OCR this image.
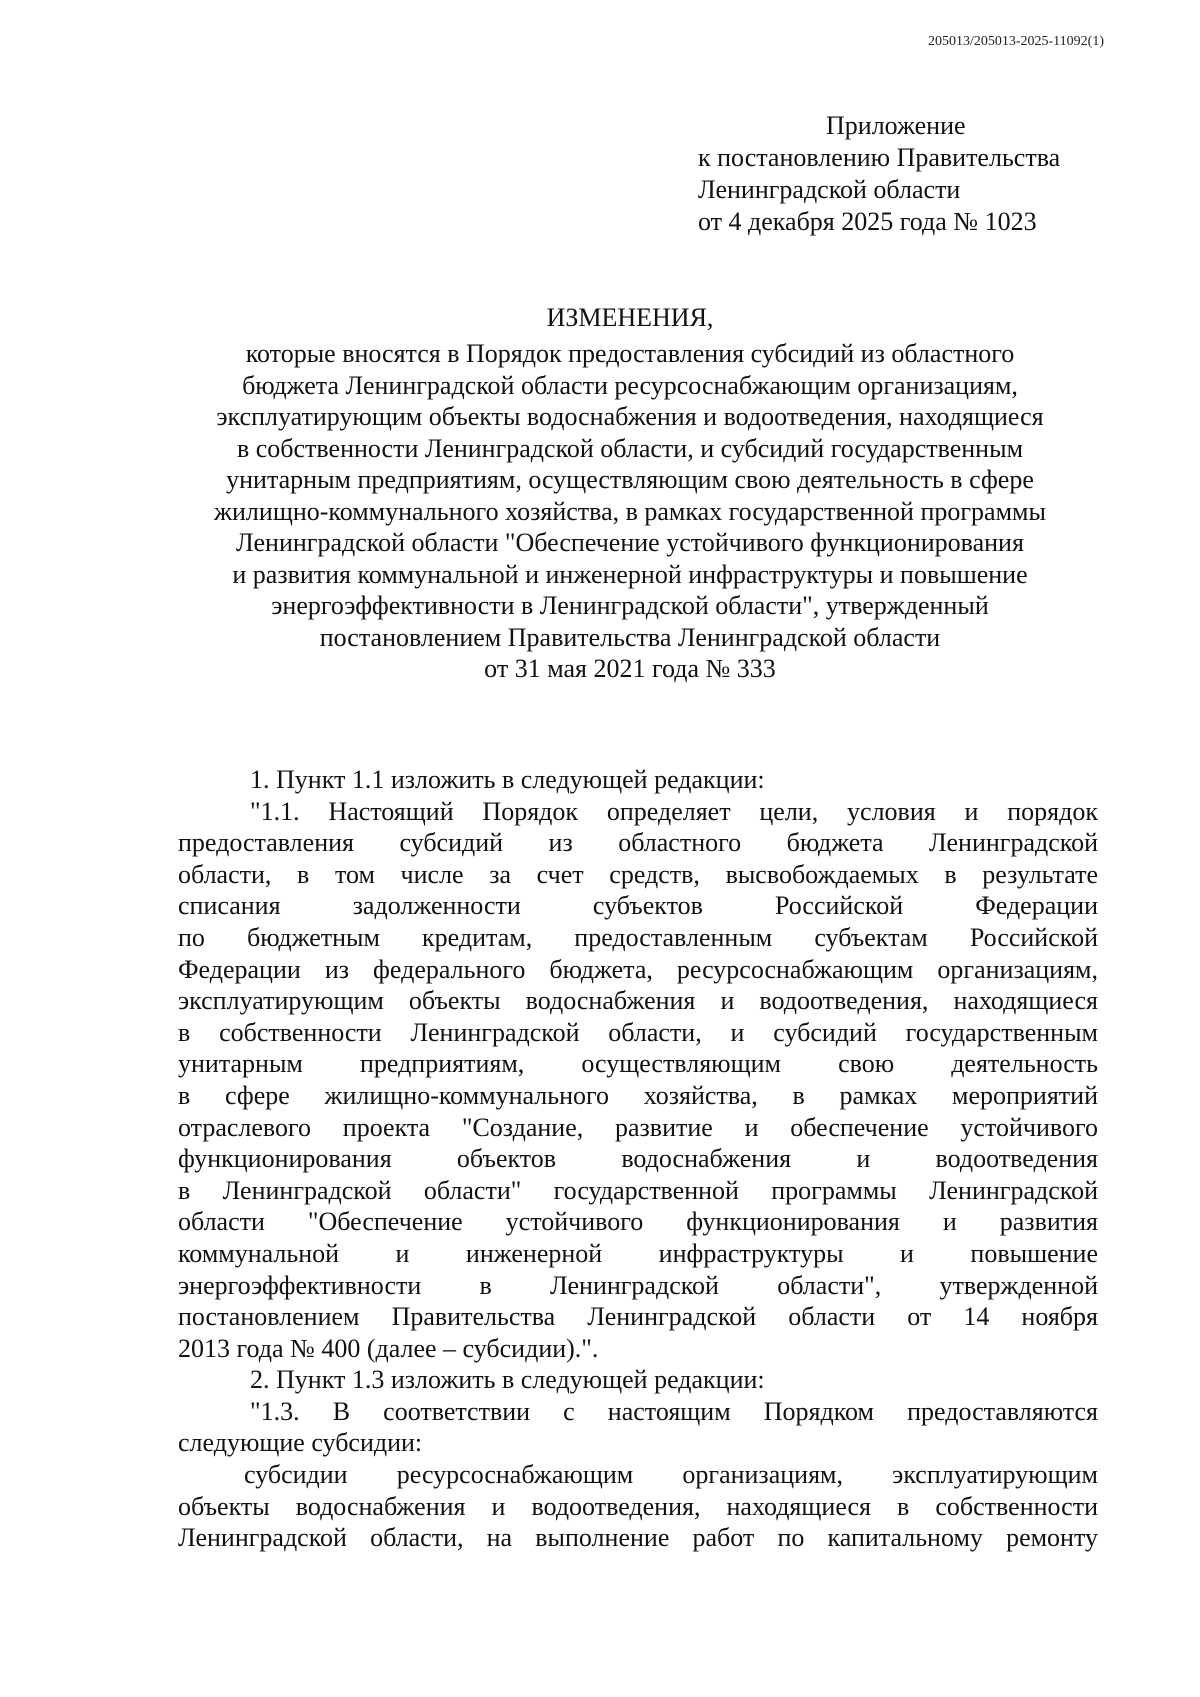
205013/205013-2025-11092(1)
Приложение
к постановлению Правительства
Ленинградской области
от 4 декабря 2025 года № 1023
ИЗМЕНЕНИЯ,
которые вносятся в Порядок предоставления субсидий из областного
бюджета Ленинградской области ресурсоснабжающим организациям,
эксплуатирующим объекты водоснабжения и водоотведения, находящиеся
в собственности Ленинградской области, и субсидий государственным
унитарным предприятиям, осуществляющим свою деятельность в сфере
жилищно-коммунального хозяйства, в рамках государственной программы
Ленинградской области "Обеспечение устойчивого функционирования
и развития коммунальной и инженерной инфраструктуры и повышение
энергоэффективности в Ленинградской области", утвержденный
постановлением Правительства Ленинградской области
от 31 мая 2021 года № 333
1. Пункт 1.1 изложить в следующей редакции:
"1.1. Настоящий Порядок определяет цели, условия и порядок
предоставления субсидий из областного бюджета Ленинградской
области, в том числе за счет средств, высвобождаемых в результате
списания задолженности субъектов Российской Федерации
по бюджетным кредитам, предоставленным субъектам Российской
Федерации из федерального бюджета, ресурсоснабжающим организациям,
эксплуатирующим объекты водоснабжения и водоотведения, находящиеся
в собственности Ленинградской области, и субсидий государственным
унитарным предприятиям, осуществляющим свою деятельность
в сфере жилищно-коммунального хозяйства, в рамках мероприятий
отраслевого проекта "Создание, развитие и обеспечение устойчивого
функционирования объектов водоснабжения и водоотведения
в Ленинградской области" государственной программы Ленинградской
области "Обеспечение устойчивого функционирования и развития
коммунальной и инженерной инфраструктуры и повышение
энергоэффективности в Ленинградской области", утвержденной
постановлением Правительства Ленинградской области от 14 ноября
2013 года № 400 (далее – субсидии).".
2. Пункт 1.3 изложить в следующей редакции:
"1.3. В соответствии с настоящим Порядком предоставляются
следующие субсидии:
субсидии ресурсоснабжающим организациям, эксплуатирующим
объекты водоснабжения и водоотведения, находящиеся в собственности
Ленинградской области, на выполнение работ по капитальному ремонту
